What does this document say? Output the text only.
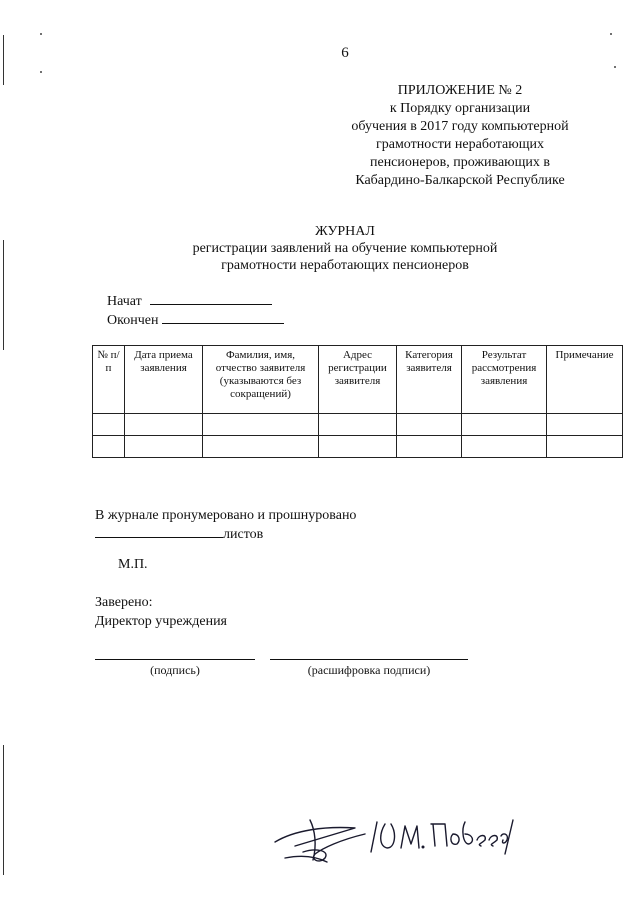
6
ПРИЛОЖЕНИЕ № 2
к Порядку организации
обучения в 2017 году компьютерной
грамотности неработающих
пенсионеров, проживающих в
Кабардино-Балкарской Республике
ЖУРНАЛ
регистрации заявлений на обучение компьютерной
грамотности неработающих пенсионеров
Начат
Окончен
№ п/п	Дата приема заявления	Фамилия, имя, отчество заявителя (указываются без сокращений)	Адрес регистрации заявителя	Категория заявителя	Результат рассмотрения заявления	Примечание

В журнале пронумеровано и прошнуровано
листов
М.П.
Заверено:
Директор учреждения
(подпись)	(расшифровка подписи)
